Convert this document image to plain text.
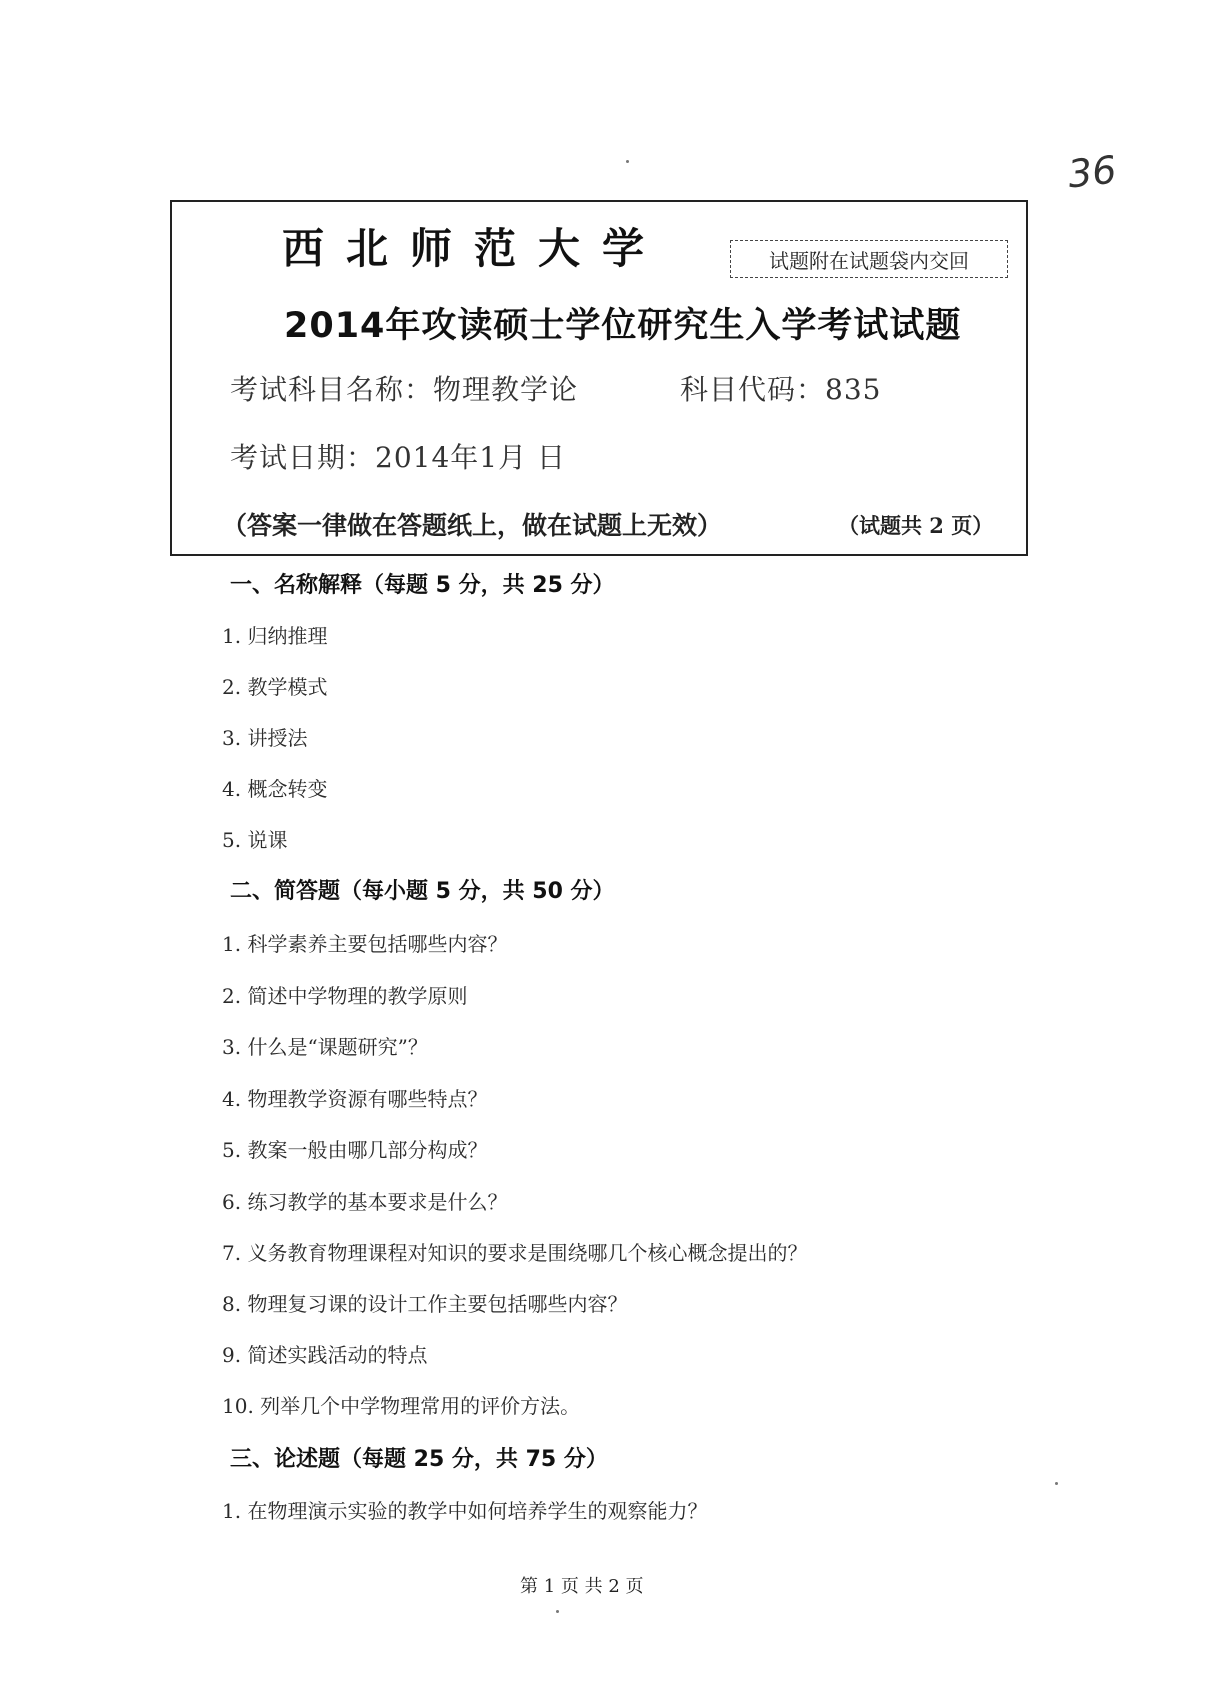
36
西北师范大学	试题附在试题袋内交回
2014年攻读硕士学位研究生入学考试试题
考试科目名称：物理教学论	科目代码：835
考试日期：2014年1月 日
（答案一律做在答题纸上，做在试题上无效）	（试题共 2 页）
一、名称解释（每题 5 分，共 25 分）
1. 归纳推理
2. 教学模式
3. 讲授法
4. 概念转变
5. 说课
二、简答题（每小题 5 分，共 50 分）
1. 科学素养主要包括哪些内容？
2. 简述中学物理的教学原则
3. 什么是“课题研究”？
4. 物理教学资源有哪些特点？
5. 教案一般由哪几部分构成？
6. 练习教学的基本要求是什么？
7. 义务教育物理课程对知识的要求是围绕哪几个核心概念提出的？
8. 物理复习课的设计工作主要包括哪些内容？
9. 简述实践活动的特点
10. 列举几个中学物理常用的评价方法。
三、论述题（每题 25 分，共 75 分）
1. 在物理演示实验的教学中如何培养学生的观察能力？
第 1 页 共 2 页
